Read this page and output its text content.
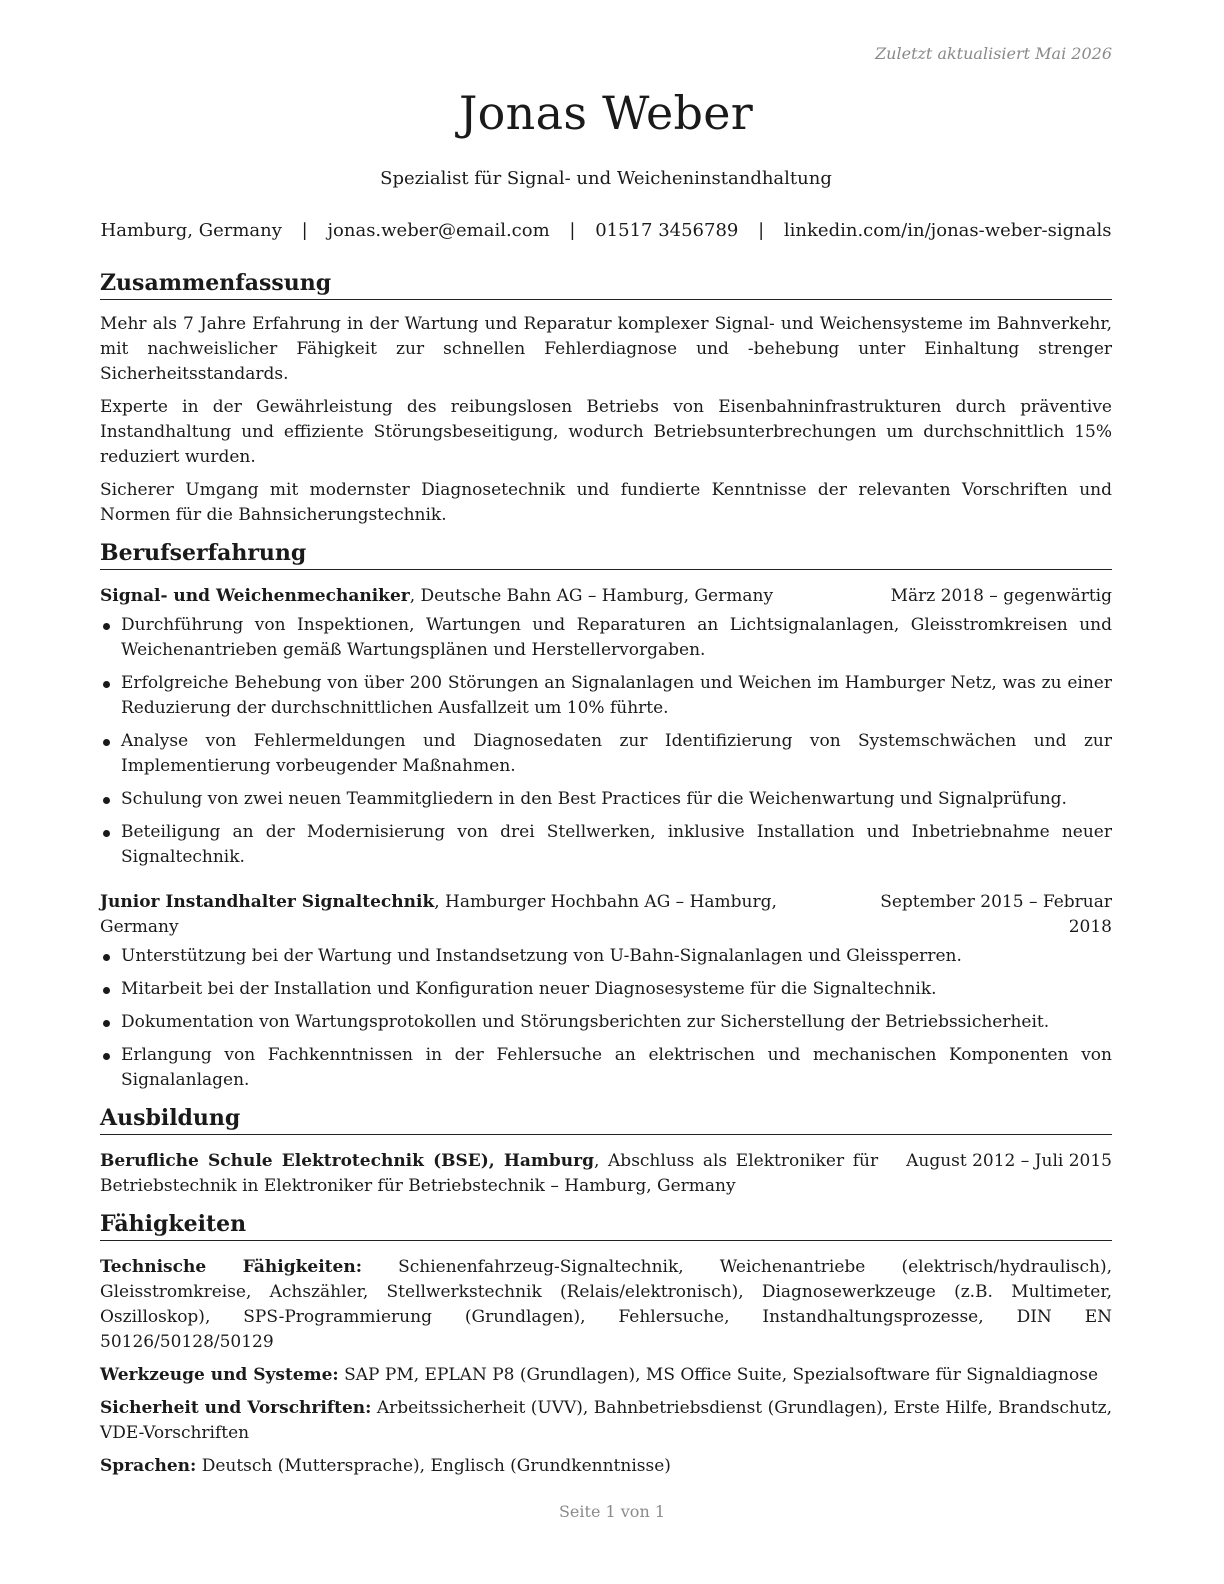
Zuletzt aktualisiert Mai 2026
Jonas Weber
Spezialist für Signal- und Weicheninstandhaltung
Hamburg, Germany | jonas.weber@email.com | 01517 3456789 | linkedin.com/in/jonas-weber-signals
Zusammenfassung

Mehr als 7 Jahre Erfahrung in der Wartung und Reparatur komplexer Signal- und Weichensysteme im Bahnverkehr, mit nachweislicher Fähigkeit zur schnellen Fehlerdiagnose und -behebung unter Einhaltung strenger Sicherheitsstandards.

Experte in der Gewährleistung des reibungslosen Betriebs von Eisenbahninfrastrukturen durch präventive Instandhaltung und effiziente Störungsbeseitigung, wodurch Betriebsunterbrechungen um durchschnittlich 15% reduziert wurden.

Sicherer Umgang mit modernster Diagnosetechnik und fundierte Kenntnisse der relevanten Vorschriften und Normen für die Bahnsicherungstechnik.

Berufserfahrung
Signal- und Weichenmechaniker, Deutsche Bahn AG – Hamburg, Germany	März 2018 – gegenwärtig
Durchführung von Inspektionen, Wartungen und Reparaturen an Lichtsignalanlagen, Gleisstromkreisen und Weichenantrieben gemäß Wartungsplänen und Herstellervorgaben.
Erfolgreiche Behebung von über 200 Störungen an Signalanlagen und Weichen im Hamburger Netz, was zu einer Reduzierung der durchschnittlichen Ausfallzeit um 10% führte.
Analyse von Fehlermeldungen und Diagnosedaten zur Identifizierung von Systemschwächen und zur Implementierung vorbeugender Maßnahmen.
Schulung von zwei neuen Teammitgliedern in den Best Practices für die Weichenwartung und Signalprüfung.
Beteiligung an der Modernisierung von drei Stellwerken, inklusive Installation und Inbetriebnahme neuer Signaltechnik.
Junior Instandhalter Signaltechnik, Hamburger Hochbahn AG – Hamburg, Germany
September 2015 – Februar 2018
Unterstützung bei der Wartung und Instandsetzung von U-Bahn-Signalanlagen und Gleissperren.
Mitarbeit bei der Installation und Konfiguration neuer Diagnosesysteme für die Signaltechnik.
Dokumentation von Wartungsprotokollen und Störungsberichten zur Sicherstellung der Betriebssicherheit.
Erlangung von Fachkenntnissen in der Fehlersuche an elektrischen und mechanischen Komponenten von Signalanlagen.
Ausbildung
Berufliche Schule Elektrotechnik (BSE), Hamburg, Abschluss als Elektroniker für Betriebstechnik in Elektroniker für Betriebstechnik – Hamburg, Germany
August 2012 – Juli 2015
Fähigkeiten

Technische Fähigkeiten: Schienenfahrzeug-Signaltechnik, Weichenantriebe (elektrisch/hydraulisch), Gleisstromkreise, Achszähler, Stellwerkstechnik (Relais/elektronisch), Diagnosewerkzeuge (z.B. Multimeter, Oszilloskop), SPS-Programmierung (Grundlagen), Fehlersuche, Instandhaltungsprozesse, DIN EN 50126/50128/50129

Werkzeuge und Systeme: SAP PM, EPLAN P8 (Grundlagen), MS Office Suite, Spezialsoftware für Signaldiagnose

Sicherheit und Vorschriften: Arbeitssicherheit (UVV), Bahnbetriebsdienst (Grundlagen), Erste Hilfe, Brandschutz, VDE-Vorschriften

Sprachen: Deutsch (Muttersprache), Englisch (Grundkenntnisse)

Seite 1 von 1
